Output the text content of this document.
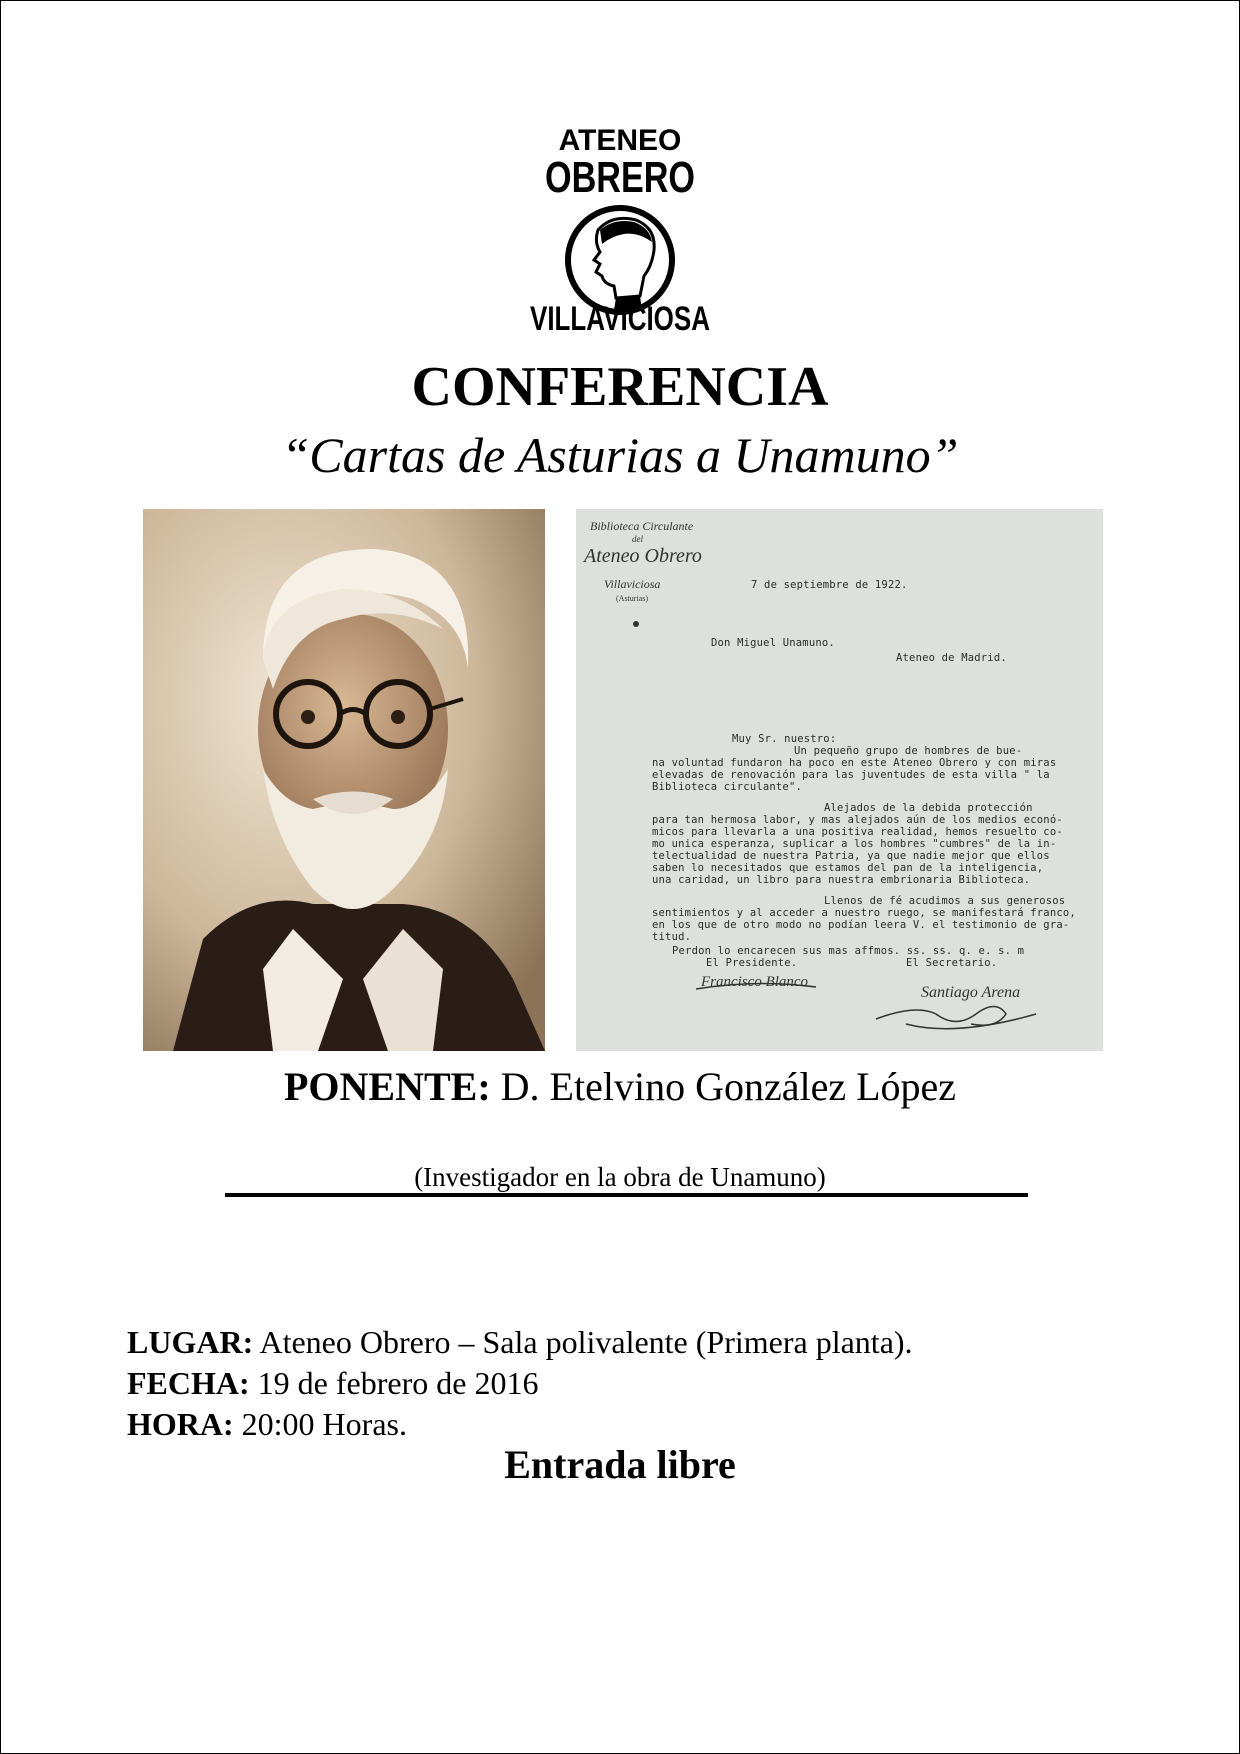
ATENEO
OBRERO
VILLAVICIOSA
CONFERENCIA
“Cartas de Asturias a Unamuno”
Biblioteca Circulante
del
Ateneo Obrero
Villaviciosa
(Asturias)
7 de septiembre de 1922.
Don Miguel Unamuno.
Ateneo de Madrid.
Muy Sr. nuestro:
Un pequeño grupo de hombres de bue-
na voluntad fundaron ha poco en este Ateneo Obrero y con miras
elevadas de renovación para las juventudes de esta villa " la
Biblioteca circulante".
Alejados de la debida protección
para tan hermosa labor, y mas alejados aún de los medios econó-
micos para llevarla a una positiva realidad, hemos resuelto co-
mo unica esperanza, suplicar a los hombres "cumbres" de la in-
telectualidad de nuestra Patria, ya que nadie mejor que ellos
saben lo necesitados que estamos del pan de la inteligencia,
una caridad, un libro para nuestra embrionaria Biblioteca.
Llenos de fé acudimos a sus generosos
sentimientos y al acceder a nuestro ruego, se manifestará franco,
en los que de otro modo no podían leera V. el testimonio de gra-
titud.
Perdon lo encarecen sus mas affmos. ss. ss. q. e. s. m
El Presidente.	El Secretario.
Francisco Blanco
Santiago Arena
PONENTE: D. Etelvino González López
(Investigador en la obra de Unamuno)
LUGAR: Ateneo Obrero – Sala polivalente (Primera planta).
FECHA: 19 de febrero de 2016
HORA: 20:00 Horas.
Entrada libre
